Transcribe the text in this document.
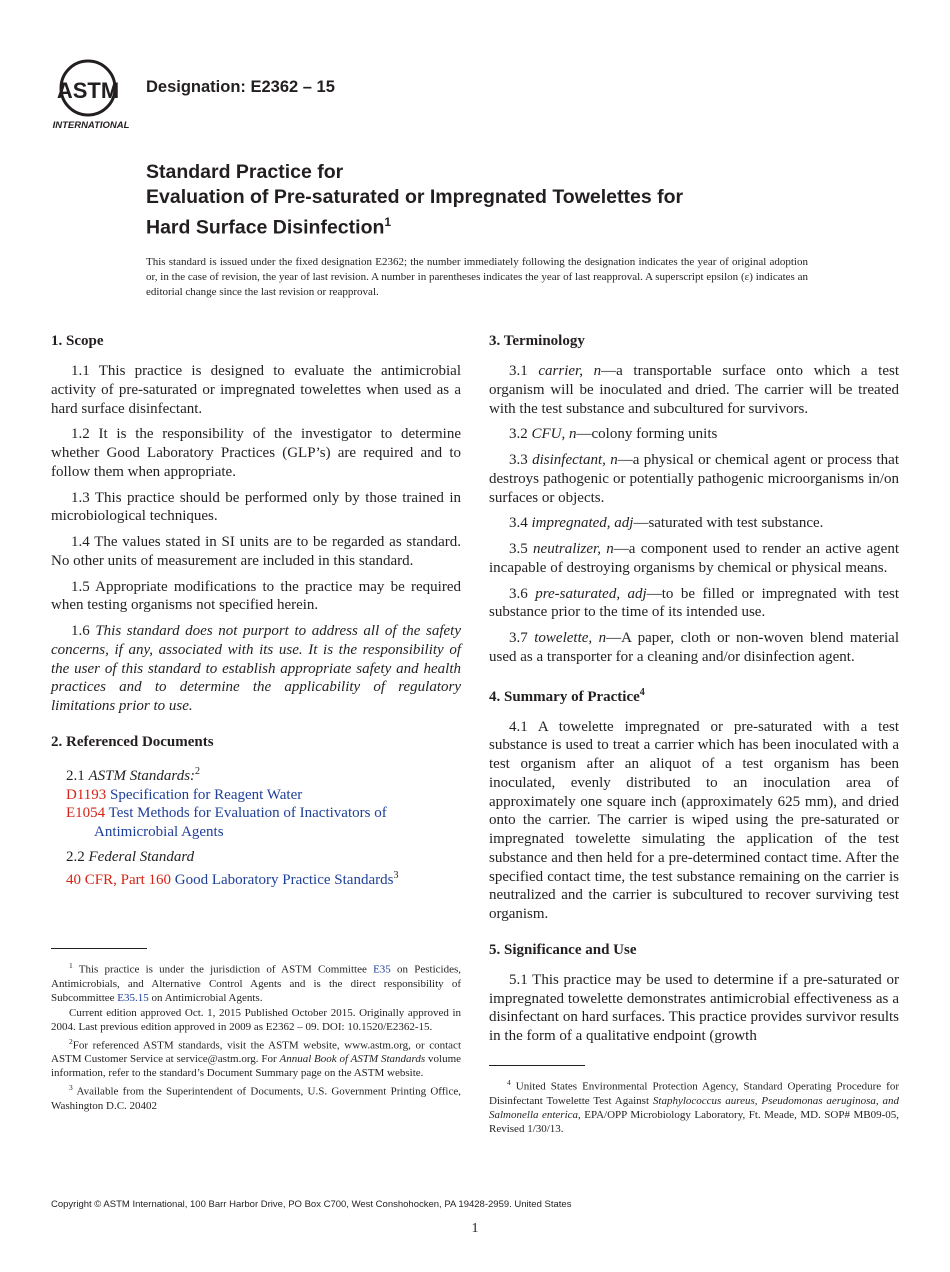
ASTM
INTERNATIONAL
Designation: E2362 – 15
Standard Practice for
Evaluation of Pre-saturated or Impregnated Towelettes for
Hard Surface Disinfection$^1$
This standard is issued under the fixed designation E2362; the number immediately following the designation indicates the year of original adoption or, in the case of revision, the year of last revision. A number in parentheses indicates the year of last reapproval. A superscript epsilon (ε) indicates an editorial change since the last revision or reapproval.
1. Scope

1.1 This practice is designed to evaluate the antimicrobial activity of pre-saturated or impregnated towelettes when used as a hard surface disinfectant.

1.2 It is the responsibility of the investigator to determine whether Good Laboratory Practices (GLP’s) are required and to follow them when appropriate.

1.3 This practice should be performed only by those trained in microbiological techniques.

1.4 The values stated in SI units are to be regarded as standard. No other units of measurement are included in this standard.

1.5 Appropriate modifications to the practice may be required when testing organisms not specified herein.

1.6 This standard does not purport to address all of the safety concerns, if any, associated with its use. It is the responsibility of the user of this standard to establish appropriate safety and health practices and to determine the applicability of regulatory limitations prior to use.

2. Referenced Documents
2.1 ASTM Standards:$^2$
D1193 Specification for Reagent Water
E1054 Test Methods for Evaluation of Inactivators of Antimicrobial Agents
2.2 Federal Standard
40 CFR, Part 160 Good Laboratory Practice Standards$^3$

$^1$ This practice is under the jurisdiction of ASTM Committee E35 on Pesticides, Antimicrobials, and Alternative Control Agents and is the direct responsibility of Subcommittee E35.15 on Antimicrobial Agents.

Current edition approved Oct. 1, 2015 Published October 2015. Originally approved in 2004. Last previous edition approved in 2009 as E2362 – 09. DOI: 10.1520/E2362-15.

$^2$For referenced ASTM standards, visit the ASTM website, www.astm.org, or contact ASTM Customer Service at service@astm.org. For Annual Book of ASTM Standards volume information, refer to the standard’s Document Summary page on the ASTM website.

$^3$ Available from the Superintendent of Documents, U.S. Government Printing Office, Washington D.C. 20402

3. Terminology

3.1 carrier, n—a transportable surface onto which a test organism will be inoculated and dried. The carrier will be treated with the test substance and subcultured for survivors.

3.2 CFU, n—colony forming units

3.3 disinfectant, n—a physical or chemical agent or process that destroys pathogenic or potentially pathogenic microorganisms in/on surfaces or objects.

3.4 impregnated, adj—saturated with test substance.

3.5 neutralizer, n—a component used to render an active agent incapable of destroying organisms by chemical or physical means.

3.6 pre-saturated, adj—to be filled or impregnated with test substance prior to the time of its intended use.

3.7 towelette, n—A paper, cloth or non-woven blend material used as a transporter for a cleaning and/or disinfection agent.

4. Summary of Practice$^4$

4.1 A towelette impregnated or pre-saturated with a test substance is used to treat a carrier which has been inoculated with a test organism after an aliquot of a test organism has been inoculated, evenly distributed to an inoculation area of approximately one square inch (approximately 625 mm), and dried onto the carrier. The carrier is wiped using the pre-saturated or impregnated towelette simulating the application of the test substance and then held for a pre-determined contact time. After the specified contact time, the test substance remaining on the carrier is neutralized and the carrier is subcultured to recover surviving test organism.

5. Significance and Use

5.1 This practice may be used to determine if a pre-saturated or impregnated towelette demonstrates antimicrobial effectiveness as a disinfectant on hard surfaces. This practice provides survivor results in the form of a qualitative endpoint (growth

$^4$ United States Environmental Protection Agency, Standard Operating Procedure for Disinfectant Towelette Test Against Staphylococcus aureus, Pseudomonas aeruginosa, and Salmonella enterica, EPA/OPP Microbiology Laboratory, Ft. Meade, MD. SOP# MB09-05, Revised 1/30/13.

Copyright © ASTM International, 100 Barr Harbor Drive, PO Box C700, West Conshohocken, PA 19428-2959. United States
1
